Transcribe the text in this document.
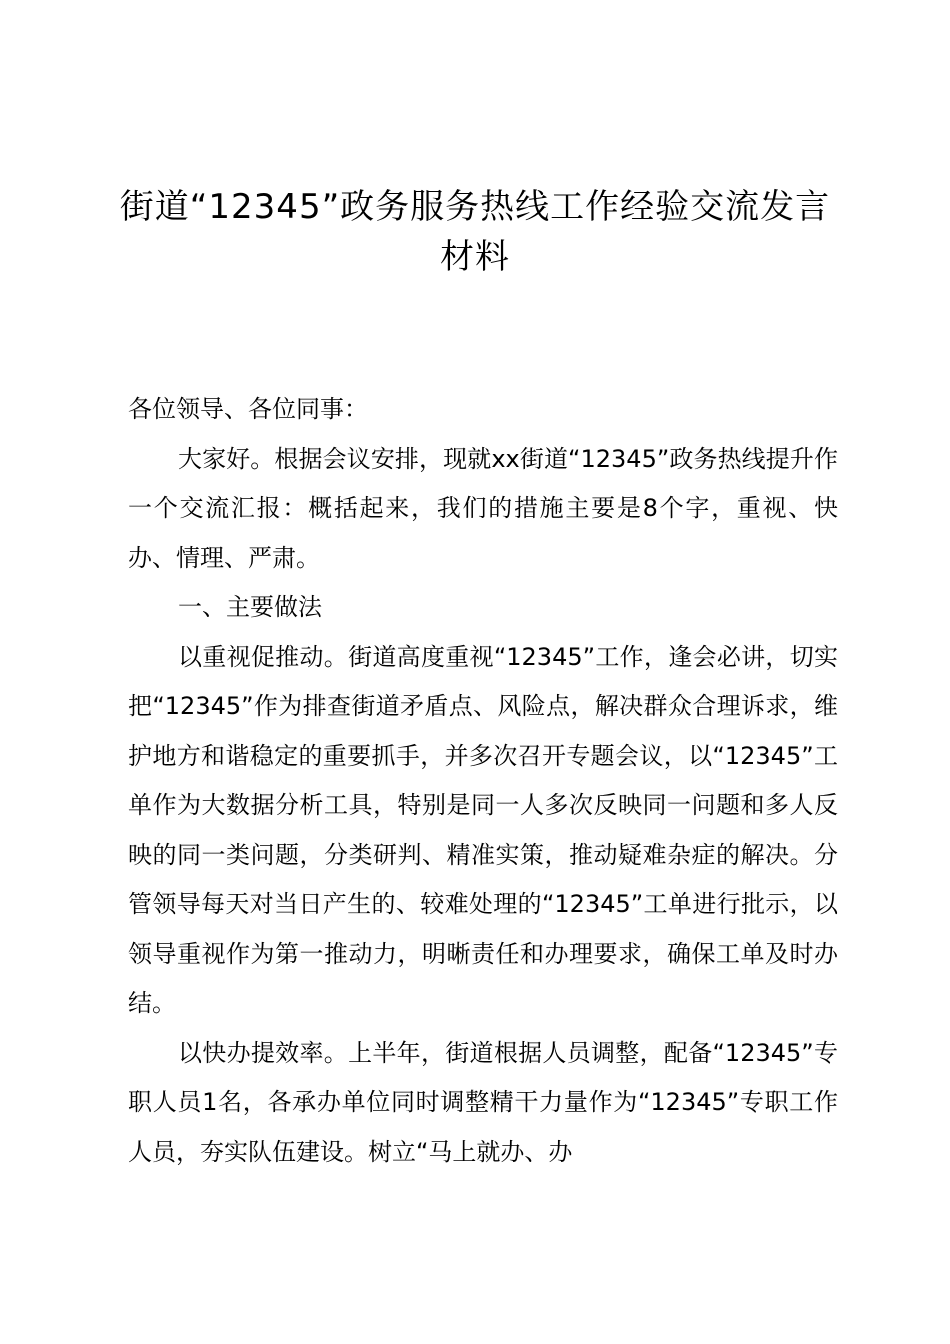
街道“12345”政务服务热线工作经验交流发言
材料

各位领导、各位同事：

大家好。根据会议安排，现就xx街道“12345”政务热线提升作一个交流汇报：概括起来，我们的措施主要是8个字，重视、快办、情理、严肃。

一、主要做法

以重视促推动。街道高度重视“12345”工作，逢会必讲，切实把“12345”作为排查街道矛盾点、风险点，解决群众合理诉求，维护地方和谐稳定的重要抓手，并多次召开专题会议，以“12345”工单作为大数据分析工具，特别是同一人多次反映同一问题和多人反映的同一类问题，分类研判、精准实策，推动疑难杂症的解决。分管领导每天对当日产生的、较难处理的“12345”工单进行批示，以领导重视作为第一推动力，明晰责任和办理要求，确保工单及时办结。

以快办提效率。上半年，街道根据人员调整，配备“12345”专职人员1名，各承办单位同时调整精干力量作为“12345”专职工作人员，夯实队伍建设。树立“马上就办、办
